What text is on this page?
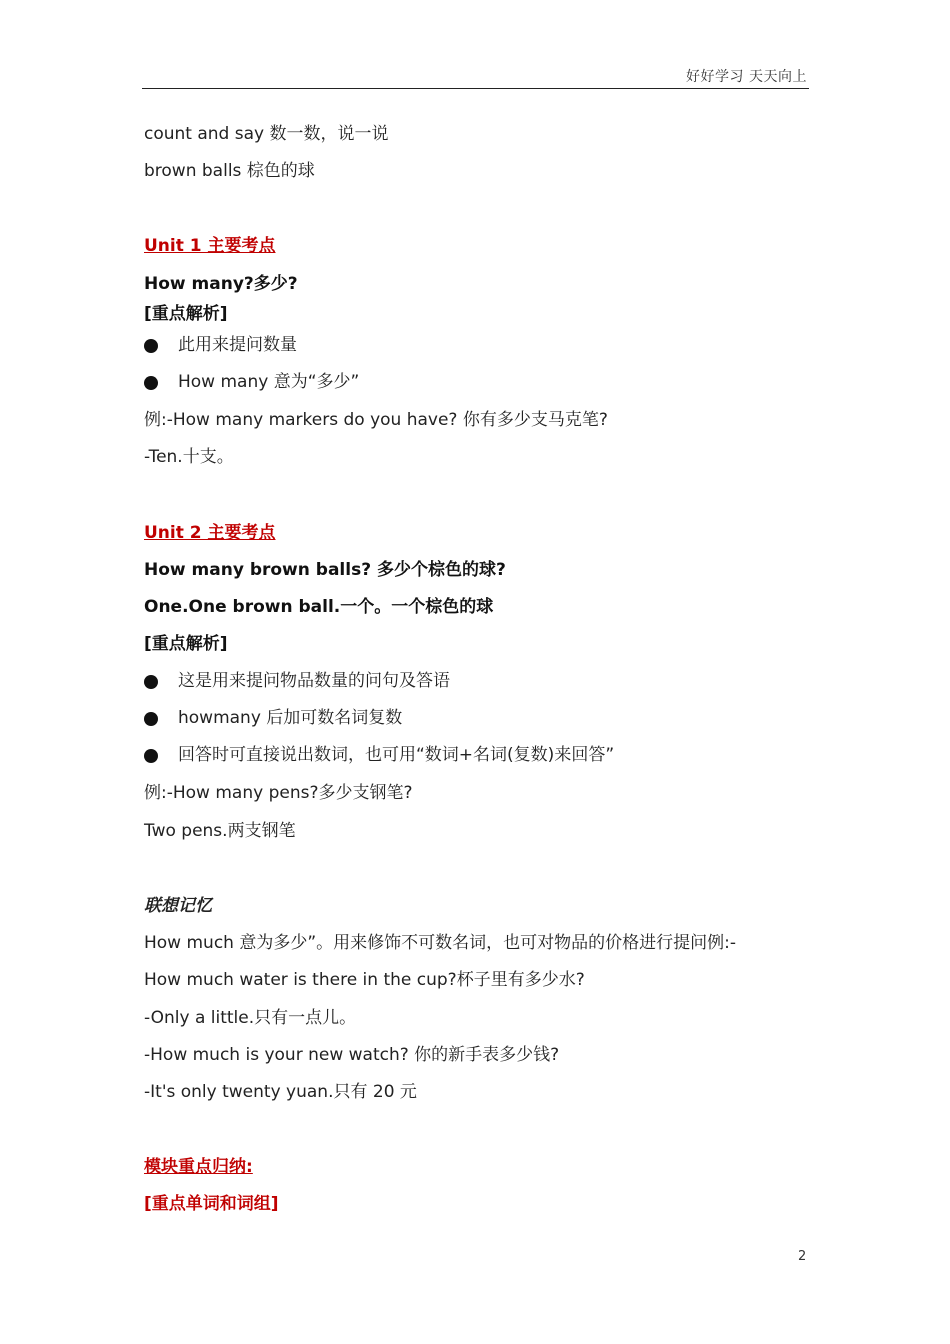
好好学习 天天向上
count and say 数一数，说一说
brown balls 棕色的球
Unit 1 主要考点
How many?多少?
[重点解析]
此用来提问数量
How many 意为“多少”
例:-How many markers do you have? 你有多少支马克笔?
-Ten.十支。
Unit 2 主要考点
How many brown balls? 多少个棕色的球?
One.One brown ball.一个。一个棕色的球
[重点解析]
这是用来提问物品数量的问句及答语
howmany 后加可数名词复数
回答时可直接说出数词，也可用“数词+名词(复数)来回答”
例:-How many pens?多少支钢笔?
Two pens.两支钢笔
联想记忆
How much 意为多少”。用来修饰不可数名词，也可对物品的价格进行提问例:-
How much water is there in the cup?杯子里有多少水?
-Only a little.只有一点儿。
-How much is your new watch? 你的新手表多少钱?
-It's only twenty yuan.只有 20 元
模块重点归纳:
[重点单词和词组]
2
